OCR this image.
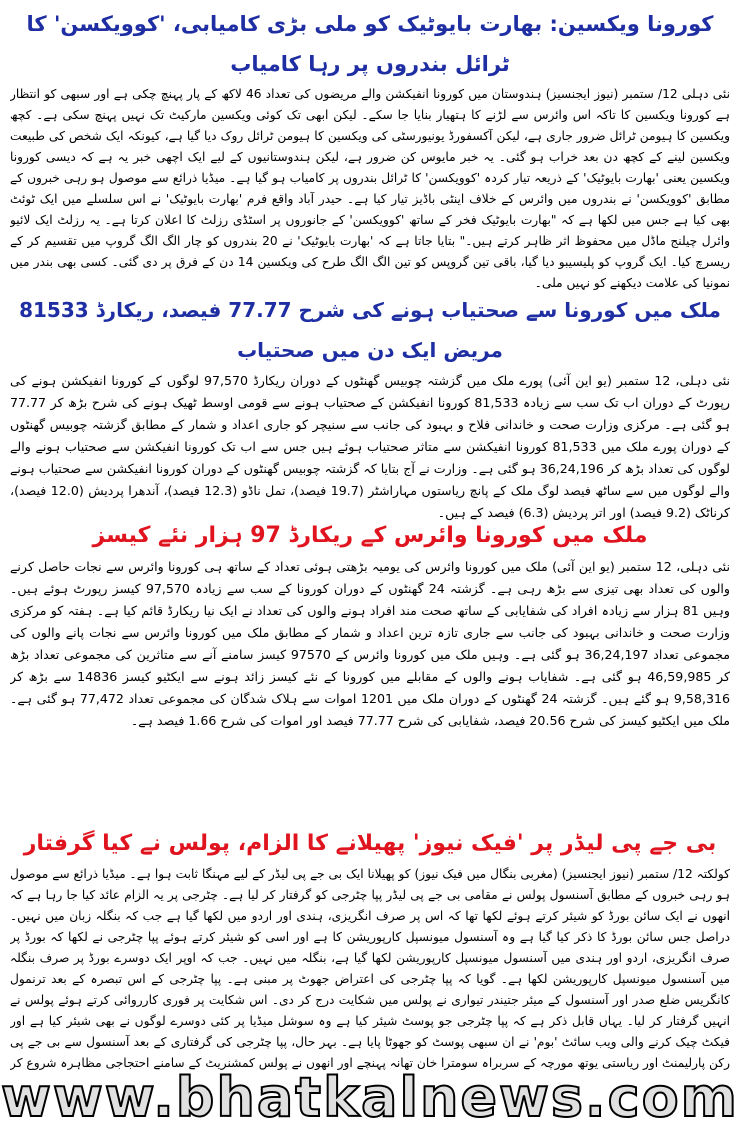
کورونا ویکسین: بھارت بایوٹیک کو ملی بڑی کامیابی، 'کوویکسن' کا ٹرائل بندروں پر رہا کامیاب

نئی دہلی 12/ ستمبر (نیوز ایجنسیز) ہندوستان میں کورونا انفیکشن والے مریضوں کی تعداد 46 لاکھ کے پار پہنچ چکی ہے اور سبھی کو انتظار ہے کورونا ویکسین کا تاکہ اس وائرس سے لڑنے کا ہتھیار بنایا جا سکے۔ لیکن ابھی تک کوئی ویکسین مارکیٹ تک نہیں پہنچ سکی ہے۔ کچھ ویکسین کا ہیومن ٹرائل ضرور جاری ہے، لیکن آکسفورڈ یونیورسٹی کی ویکسین کا ہیومن ٹرائل روک دیا گیا ہے، کیونکہ ایک شخص کی طبیعت ویکسین لینے کے کچھ دن بعد خراب ہو گئی۔ یہ خبر مایوس کن ضرور ہے، لیکن ہندوستانیوں کے لیے ایک اچھی خبر یہ ہے کہ دیسی کورونا ویکسین یعنی 'بھارت بایوٹیک' کے ذریعہ تیار کردہ 'کوویکسن' کا ٹرائل بندروں پر کامیاب ہو گیا ہے۔ میڈیا ذرائع سے موصول ہو رہی خبروں کے مطابق 'کوویکسن' نے بندروں میں وائرس کے خلاف اینٹی باڈیز تیار کیا ہے۔ حیدر آباد واقع فرم 'بھارت بایوٹیک' نے اس سلسلے میں ایک ٹوئٹ بھی کیا ہے جس میں لکھا ہے کہ "بھارت بایوٹیک فخر کے ساتھ 'کوویکسن' کے جانوروں پر اسٹڈی رزلٹ کا اعلان کرتا ہے۔ یہ رزلٹ ایک لائیو وائرل چیلنج ماڈل میں محفوظ اثر ظاہر کرتے ہیں۔" بتایا جاتا ہے کہ 'بھارت بایوٹیک' نے 20 بندروں کو چار الگ الگ گروپ میں تقسیم کر کے ریسرچ کیا۔ ایک گروپ کو پلیسیبو دیا گیا، باقی تین گروپس کو تین الگ الگ طرح کی ویکسین 14 دن کے فرق پر دی گئی۔ کسی بھی بندر میں نمونیا کی علامت دیکھنے کو نہیں ملی۔

ملک میں کورونا سے صحتیاب ہونے کی شرح 77.77 فیصد، ریکارڈ 81533 مریض ایک دن میں صحتیاب

نئی دہلی، 12 ستمبر (یو این آئی) پورے ملک میں گزشتہ چوبیس گھنٹوں کے دوران ریکارڈ 97,570 لوگوں کے کورونا انفیکشن ہونے کی رپورٹ کے دوران اب تک سب سے زیادہ 81,533 کورونا انفیکشن کے صحتیاب ہونے سے قومی اوسط ٹھیک ہونے کی شرح بڑھ کر 77.77 ہو گئی ہے۔ مرکزی وزارت صحت و خاندانی فلاح و بہبود کی جانب سے سنیچر کو جاری اعداد و شمار کے مطابق گزشتہ چوبیس گھنٹوں کے دوران پورے ملک میں 81,533 کورونا انفیکشن سے متاثر صحتیاب ہوئے ہیں جس سے اب تک کورونا انفیکشن سے صحتیاب ہونے والے لوگوں کی تعداد بڑھ کر 36,24,196 ہو گئی ہے۔ وزارت نے آج بتایا کہ گزشتہ چوبیس گھنٹوں کے دوران کورونا انفیکشن سے صحتیاب ہونے والے لوگوں میں سے ساٹھ فیصد لوگ ملک کے پانچ ریاستوں مہاراشٹر (19.7 فیصد)، تمل ناڈو (12.3 فیصد)، آندھرا پردیش (12.0 فیصد)، کرناٹک (9.2 فیصد) اور اتر پردیش (6.3) فیصد کے ہیں۔

ملک میں کورونا وائرس کے ریکارڈ 97 ہزار نئے کیسز

نئی دہلی، 12 ستمبر (یو این آئی) ملک میں کورونا وائرس کی یومیہ بڑھتی ہوئی تعداد کے ساتھ ہی کورونا وائرس سے نجات حاصل کرنے والوں کی تعداد بھی تیزی سے بڑھ رہی ہے۔ گزشتہ 24 گھنٹوں کے دوران کورونا کے سب سے زیادہ 97,570 کیسز رپورٹ ہوئے ہیں۔ وہیں 81 ہزار سے زیادہ افراد کی شفایابی کے ساتھ صحت مند افراد ہونے والوں کی تعداد نے ایک نیا ریکارڈ قائم کیا ہے۔ ہفتہ کو مرکزی وزارت صحت و خاندانی بہبود کی جانب سے جاری تازہ ترین اعداد و شمار کے مطابق ملک میں کورونا وائرس سے نجات پانے والوں کی مجموعی تعداد 36,24,197 ہو گئی ہے۔ وہیں ملک میں کورونا وائرس کے 97570 کیسز سامنے آنے سے متاثرین کی مجموعی تعداد بڑھ کر 46,59,985 ہو گئی ہے۔ شفایاب ہونے والوں کے مقابلے میں کورونا کے نئے کیسز زائد ہونے سے ایکٹیو کیسز 14836 سے بڑھ کر 9,58,316 ہو گئے ہیں۔ گزشتہ 24 گھنٹوں کے دوران ملک میں 1201 اموات سے ہلاک شدگان کی مجموعی تعداد 77,472 ہو گئی ہے۔ ملک میں ایکٹیو کیسز کی شرح 20.56 فیصد، شفایابی کی شرح 77.77 فیصد اور اموات کی شرح 1.66 فیصد ہے۔

بی جے پی لیڈر پر 'فیک نیوز' پھیلانے کا الزام، پولس نے کیا گرفتار

کولکتہ 12/ ستمبر (نیوز ایجنسیز) (مغربی بنگال میں فیک نیوز) کو پھیلانا ایک بی جے پی لیڈر کے لیے مہنگا ثابت ہوا ہے۔ میڈیا ذرائع سے موصول ہو رہی خبروں کے مطابق آسنسول پولس نے مقامی بی جے پی لیڈر پپا چٹرجی کو گرفتار کر لیا ہے۔ چٹرجی پر یہ الزام عائد کیا جا رہا ہے کہ انھوں نے ایک سائن بورڈ کو شیئر کرتے ہوئے لکھا تھا کہ اس پر صرف انگریزی، ہندی اور اردو میں لکھا گیا ہے جب کہ بنگلہ زبان میں نہیں۔ دراصل جس سائن بورڈ کا ذکر کیا گیا ہے وہ آسنسول میونسپل کارپوریشن کا ہے اور اسی کو شیئر کرتے ہوئے پپا چٹرجی نے لکھا کہ بورڈ پر صرف انگریزی، اردو اور ہندی میں آسنسول میونسپل کارپوریشن لکھا گیا ہے، بنگلہ میں نہیں۔ جب کہ اوپر ایک دوسرے بورڈ پر صرف بنگلہ میں آسنسول میونسپل کارپوریشن لکھا ہے۔ گویا کہ پپا چٹرجی کی اعتراض جھوٹ پر مبنی ہے۔ پپا چٹرجی کے اس تبصرہ کے بعد ترنمول کانگریس ضلع صدر اور آسنسول کے میئر جتیندر تیواری نے پولس میں شکایت درج کر دی۔ اس شکایت پر فوری کارروائی کرتے ہوئے پولس نے انہیں گرفتار کر لیا۔ یہاں قابل ذکر ہے کہ پپا چٹرجی جو پوسٹ شیئر کیا ہے وہ سوشل میڈیا پر کئی دوسرے لوگوں نے بھی شیئر کیا ہے اور فیکٹ چیک کرنے والی ویب سائٹ 'بوم' نے ان سبھی پوسٹ کو جھوٹا پایا ہے۔ بہر حال، پپا چٹرجی کی گرفتاری کے بعد آسنسول سے بی جے پی رکن پارلیمنٹ اور ریاستی یوتھ مورچہ کے سربراہ سومترا خان تھانہ پہنچے اور انھوں نے پولس کمشنریٹ کے سامنے احتجاجی مظاہرہ شروع کر

www.bhatkalnews.com
